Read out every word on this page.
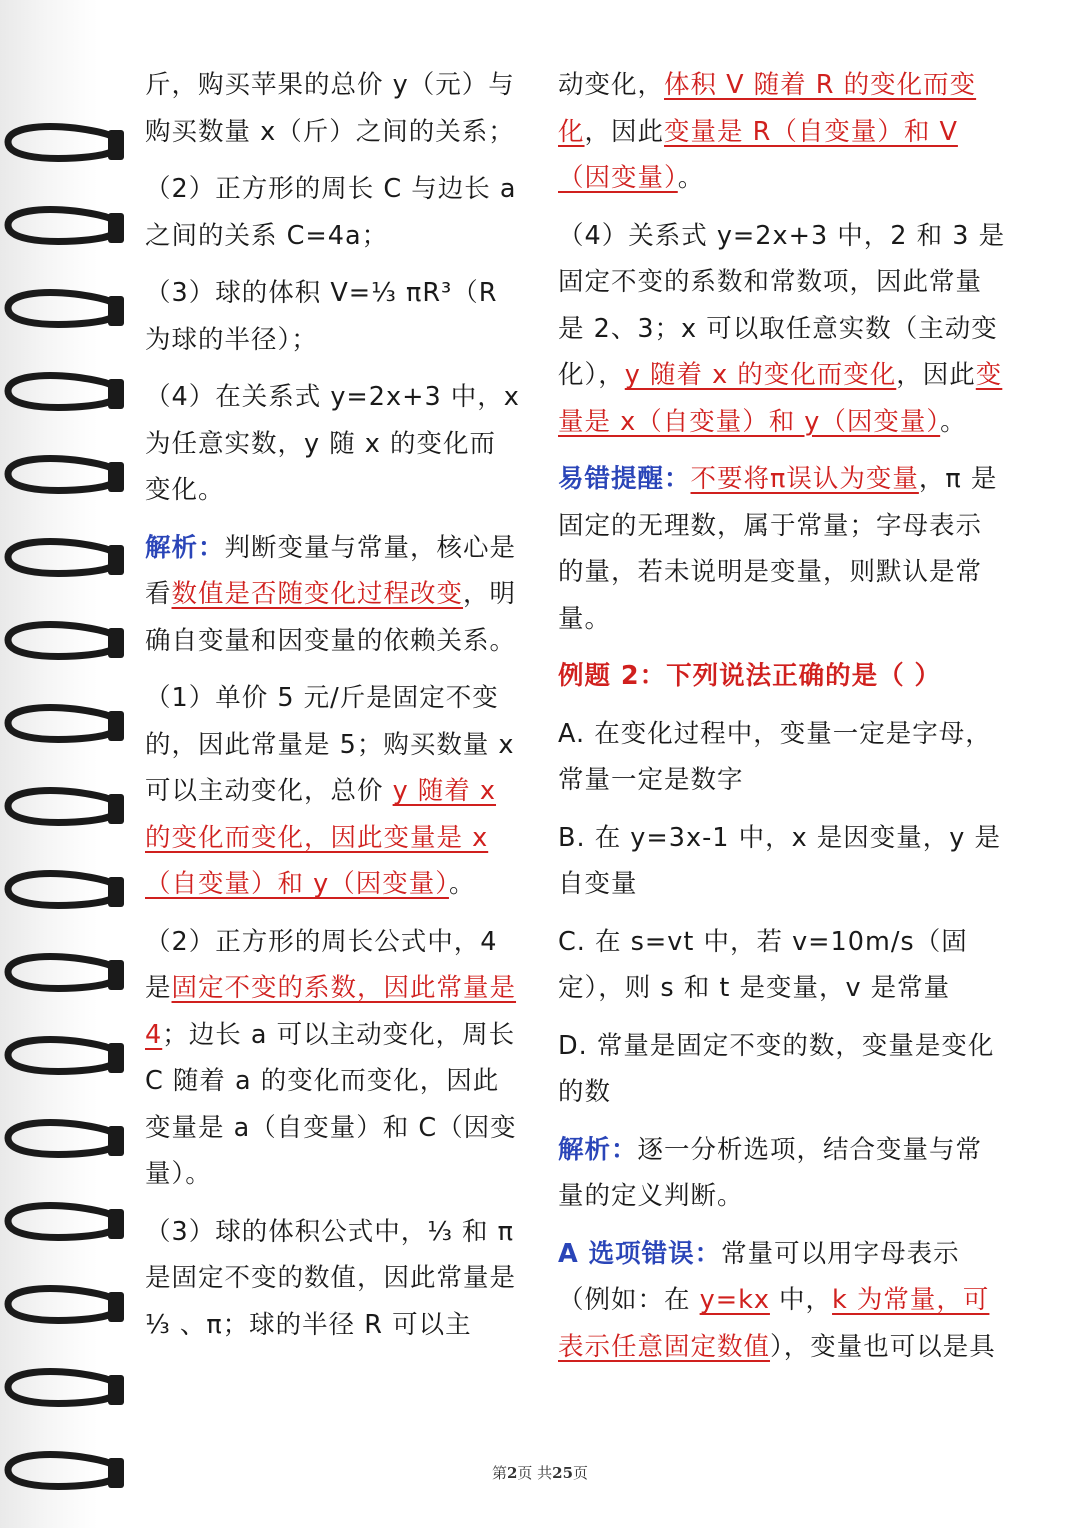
斤，购买苹果的总价 y（元）与购买数量 x（斤）之间的关系；

（2）正方形的周长 C 与边长 a 之间的关系 C=4a；

（3）球的体积 V=⅓ πR³（R 为球的半径）；

（4）在关系式 y=2x+3 中，x 为任意实数，y 随 x 的变化而变化。

解析：判断变量与常量，核心是看数值是否随变化过程改变，明确自变量和因变量的依赖关系。

（1）单价 5 元/斤是固定不变的，因此常量是 5；购买数量 x 可以主动变化，总价 y 随着 x 的变化而变化，因此变量是 x（自变量）和 y（因变量）。

（2）正方形的周长公式中，4 是固定不变的系数，因此常量是 4；边长 a 可以主动变化，周长 C 随着 a 的变化而变化，因此变量是 a（自变量）和 C（因变量）。

（3）球的体积公式中，⅓ 和 π 是固定不变的数值，因此常量是⅓ 、π；球的半径 R 可以主

动变化，体积 V 随着 R 的变化而变化，因此变量是 R（自变量）和 V（因变量）。

（4）关系式 y=2x+3 中，2 和 3 是固定不变的系数和常数项，因此常量是 2、3；x 可以取任意实数（主动变化），y 随着 x 的变化而变化，因此变量是 x（自变量）和 y（因变量）。

易错提醒：不要将π误认为变量，π 是固定的无理数，属于常量；字母表示的量，若未说明是变量，则默认是常量。

例题 2：下列说法正确的是（ ）

A. 在变化过程中，变量一定是字母，常量一定是数字

B. 在 y=3x-1 中，x 是因变量，y 是自变量

C. 在 s=vt 中，若 v=10m/s（固定），则 s 和 t 是变量，v 是常量

D. 常量是固定不变的数，变量是变化的数

解析：逐一分析选项，结合变量与常量的定义判断。

A 选项错误：常量可以用字母表示（例如：在 y=kx 中，k 为常量，可表示任意固定数值），变量也可以是具

第2页 共25页
